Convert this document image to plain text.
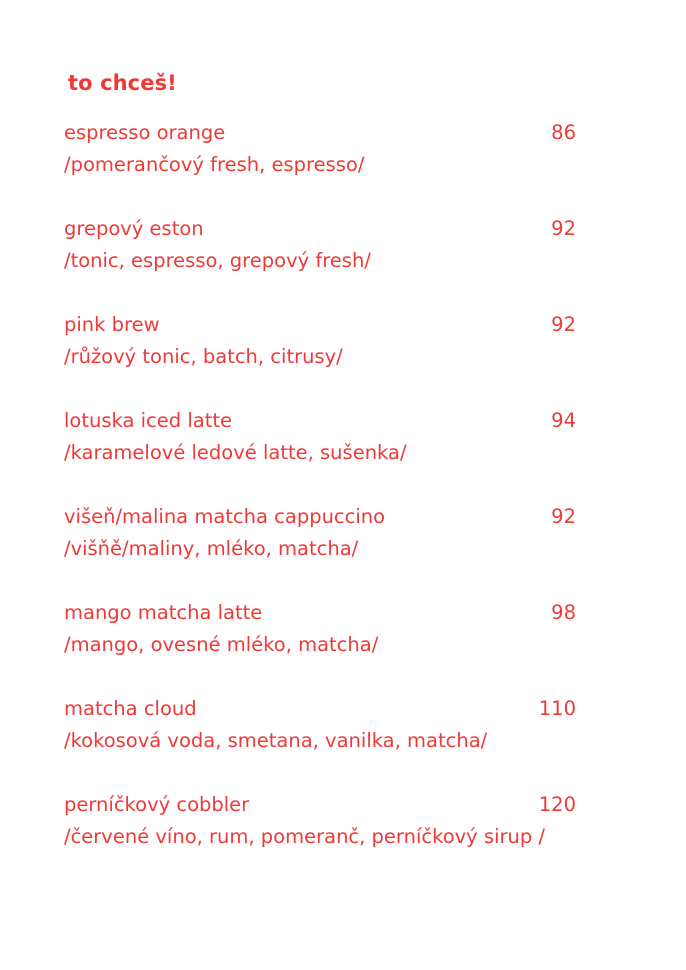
to chceš!
espresso orange	86
/pomerančový fresh, espresso/
grepový eston	92
/tonic, espresso, grepový fresh/
pink brew	92
/růžový tonic, batch, citrusy/
lotuska iced latte	94
/karamelové ledové latte, sušenka/
višeň/malina matcha cappuccino	92
/višňě/maliny, mléko, matcha/
mango matcha latte	98
/mango, ovesné mléko, matcha/
matcha cloud	110
/kokosová voda, smetana, vanilka, matcha/
perníčkový cobbler	120
/červené víno, rum, pomeranč, perníčkový sirup /
